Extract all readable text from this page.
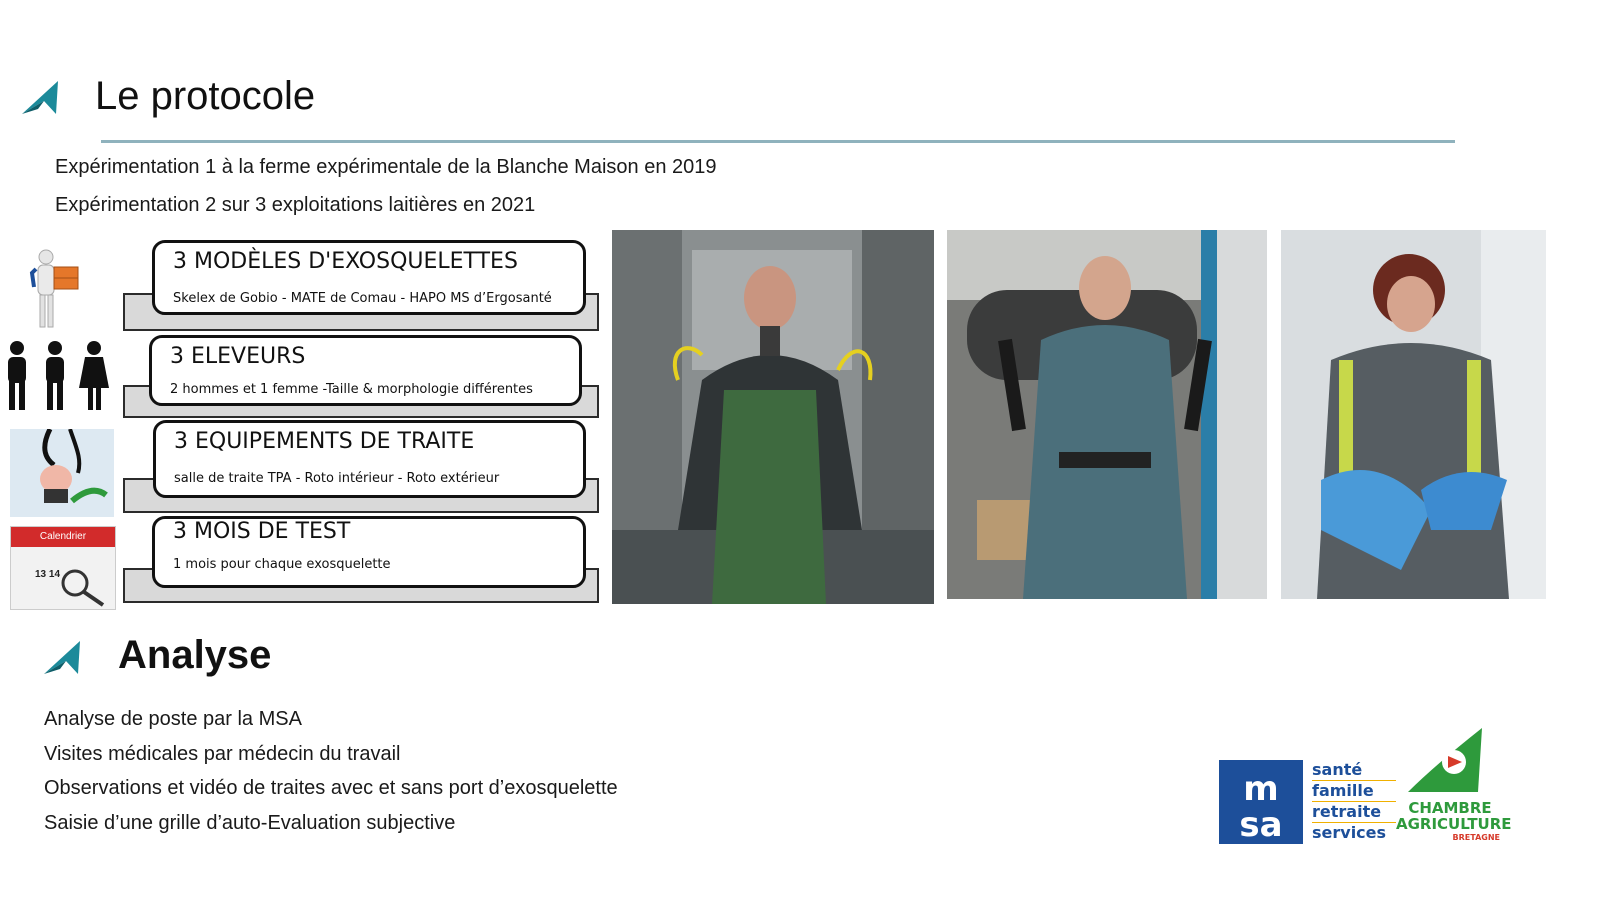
Le protocole
Expérimentation 1 à la ferme expérimentale de la Blanche Maison en 2019
Expérimentation 2 sur 3 exploitations laitières en 2021
Calendrier
13 14
3 MODÈLES D'EXOSQUELETTES
Skelex de Gobio - MATE de Comau - HAPO MS d’Ergosanté
3 ELEVEURS
2 hommes et 1 femme -Taille & morphologie différentes
3 EQUIPEMENTS DE TRAITE
salle de traite TPA - Roto intérieur - Roto extérieur
3 MOIS DE TEST
1 mois pour chaque exosquelette
Analyse
Analyse de poste par la MSA
Visites médicales par médecin du travail
Observations et vidéo de traites avec et sans port d’exosquelette
Saisie d’une grille d’auto-Evaluation subjective
m
sa
santé
famille
retraite
services
CHAMBRE
AGRICULTURE
BRETAGNE
